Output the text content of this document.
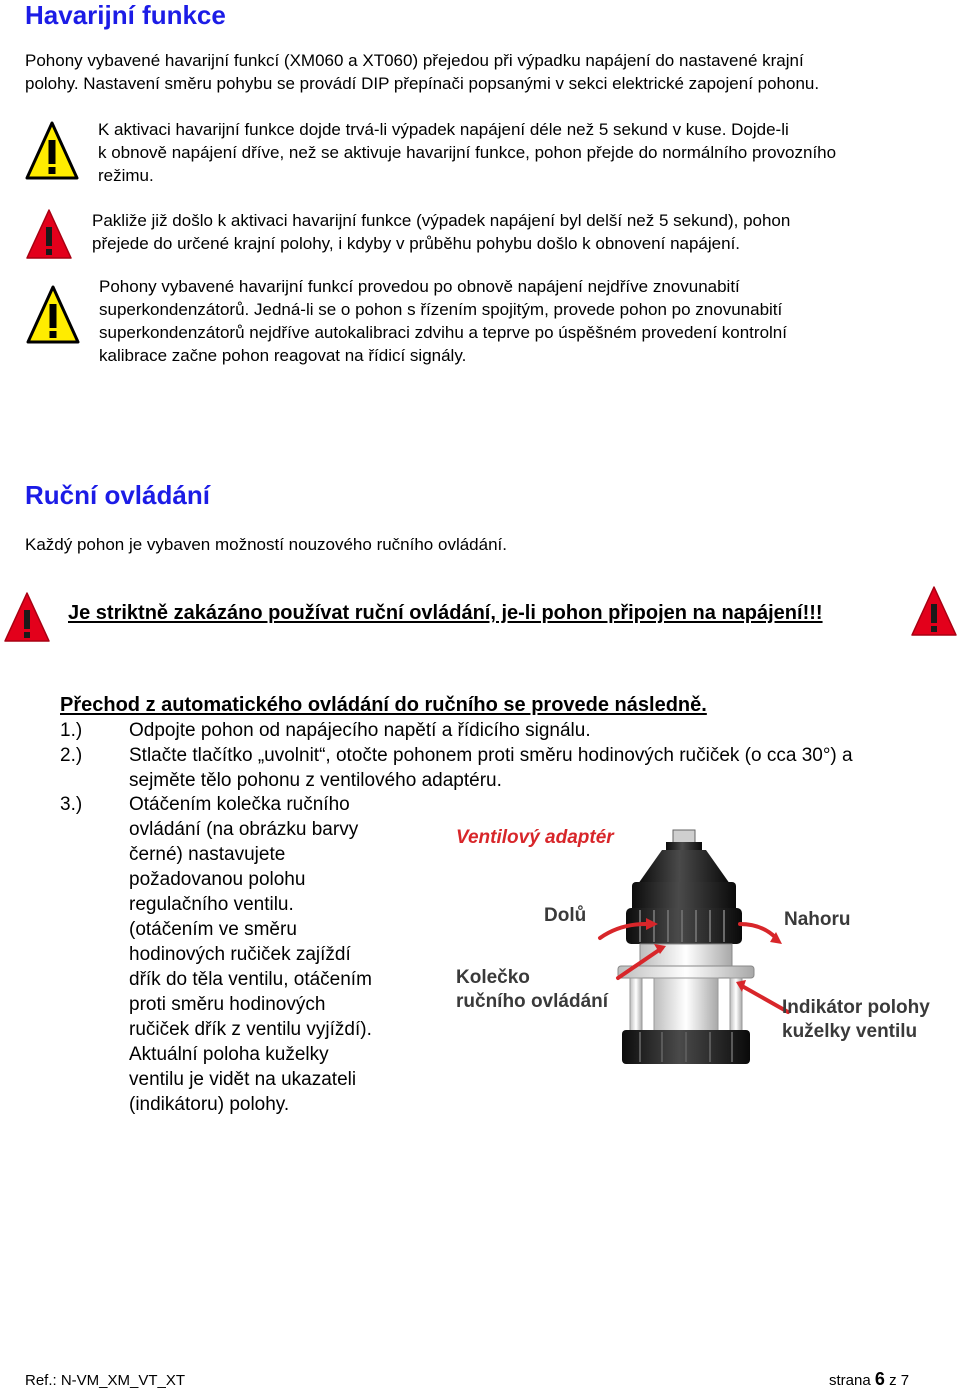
Havarijní funkce
Pohony vybavené havarijní funkcí (XM060 a XT060) přejedou při výpadku napájení do nastavené krajní
polohy. Nastavení směru pohybu se provádí DIP přepínači popsanými v sekci elektrické zapojení pohonu.
K aktivaci havarijní funkce dojde trvá-li výpadek napájení déle než 5 sekund v kuse. Dojde-li
k obnově napájení dříve, než se aktivuje havarijní funkce, pohon přejde do normálního provozního
režimu.
Pakliže již došlo k aktivaci havarijní funkce (výpadek napájení byl delší než 5 sekund), pohon
přejede do určené krajní polohy, i kdyby v průběhu pohybu došlo k obnovení napájení.
Pohony vybavené havarijní funkcí provedou po obnově napájení nejdříve znovunabití
superkondenzátorů. Jedná-li se o pohon s řízením spojitým, provede pohon po znovunabití
superkondenzátorů nejdříve autokalibraci zdvihu a teprve po úspěšném provedení kontrolní
kalibrace začne pohon reagovat na řídicí signály.
Ruční ovládání
Každý pohon je vybaven možností nouzového ručního ovládání.
Je striktně zakázáno používat ruční ovládání, je-li pohon připojen na napájení!!!
Přechod z automatického ovládání do ručního se provede následně.
1.) Odpojte pohon od napájecího napětí a řídicího signálu.
2.) Stlačte tlačítko „uvolnit“, otočte pohonem proti směru hodinových ručiček (o cca 30°) a
sejměte tělo pohonu z ventilového adaptéru.
3.) Otáčením kolečka ručního
ovládání (na obrázku barvy
černé) nastavujete
požadovanou polohu
regulačního ventilu.
(otáčením ve směru
hodinových ručiček zajíždí
dřík do těla ventilu, otáčením
proti směru hodinových
ručiček dřík z ventilu vyjíždí).
Aktuální poloha kuželky
ventilu je vidět na ukazateli
(indikátoru) polohy.
Ventilový adaptér
Dolů	Nahoru
Kolečko
ručního ovládání	Indikátor polohy
kuželky ventilu
Ref.: N-VM_XM_VT_XT	strana 6 z 7
